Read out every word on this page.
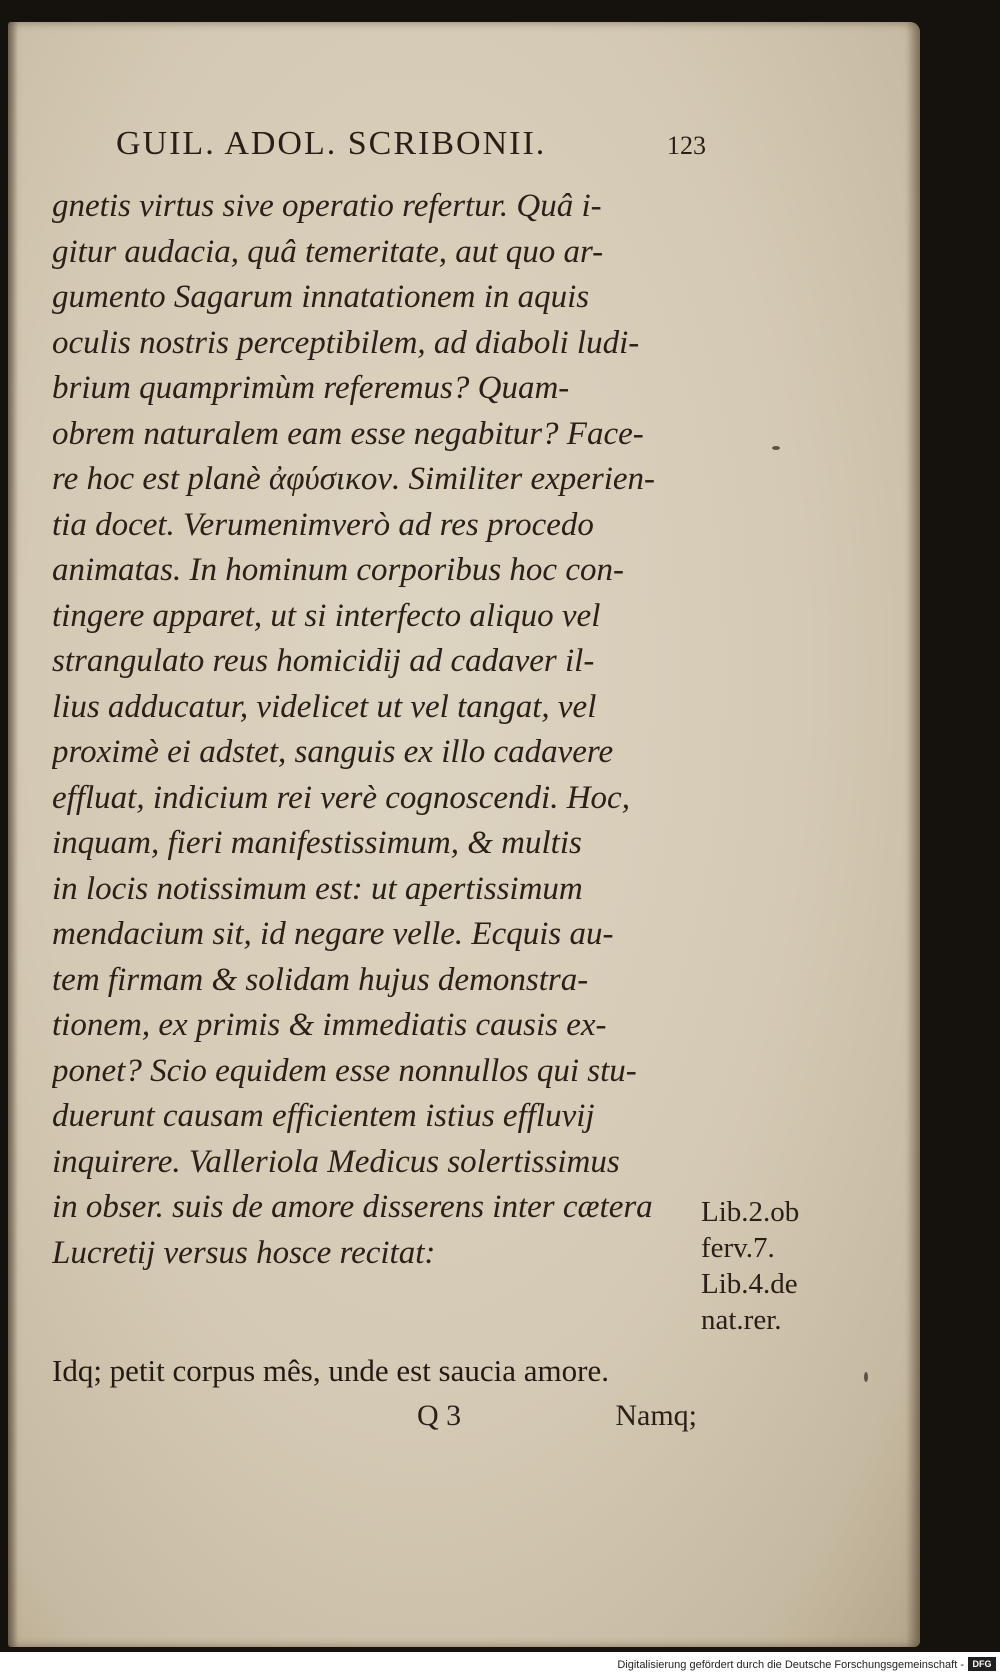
GUIL. ADOL. SCRIBONII.	123
gnetis virtus sive operatio refertur. Quâ i-
gitur audacia, quâ temeritate, aut quo ar-
gumento Sagarum innatationem in aquis
oculis nostris perceptibilem, ad diaboli ludi-
brium quamprimùm referemus? Quam-
obrem naturalem eam esse negabitur? Face-
re hoc est planè ἀφύσικον. Similiter experien-
tia docet. Verumenimverò ad res procedo
animatas. In hominum corporibus hoc con-
tingere apparet, ut si interfecto aliquo vel
strangulato reus homicidij ad cadaver il-
lius adducatur, videlicet ut vel tangat, vel
proximè ei adstet, sanguis ex illo cadavere
effluat, indicium rei verè cognoscendi. Hoc,
inquam, fieri manifestissimum, & multis
in locis notissimum est: ut apertissimum
mendacium sit, id negare velle. Ecquis au-
tem firmam & solidam hujus demonstra-
tionem, ex primis & immediatis causis ex-
ponet? Scio equidem esse nonnullos qui stu-
duerunt causam efficientem istius effluvij
inquirere. Valleriola Medicus solertissimus
in obser. suis de amore disserens inter cætera
Lucretij versus hosce recitat:
Idq; petit corpus mês, unde est saucia amore.
Q 3	Namq;
Lib.2.ob
ferv.7.
Lib.4.de
nat.rer.
Digitalisierung gefördert durch die Deutsche Forschungsgemeinschaft - DFG
